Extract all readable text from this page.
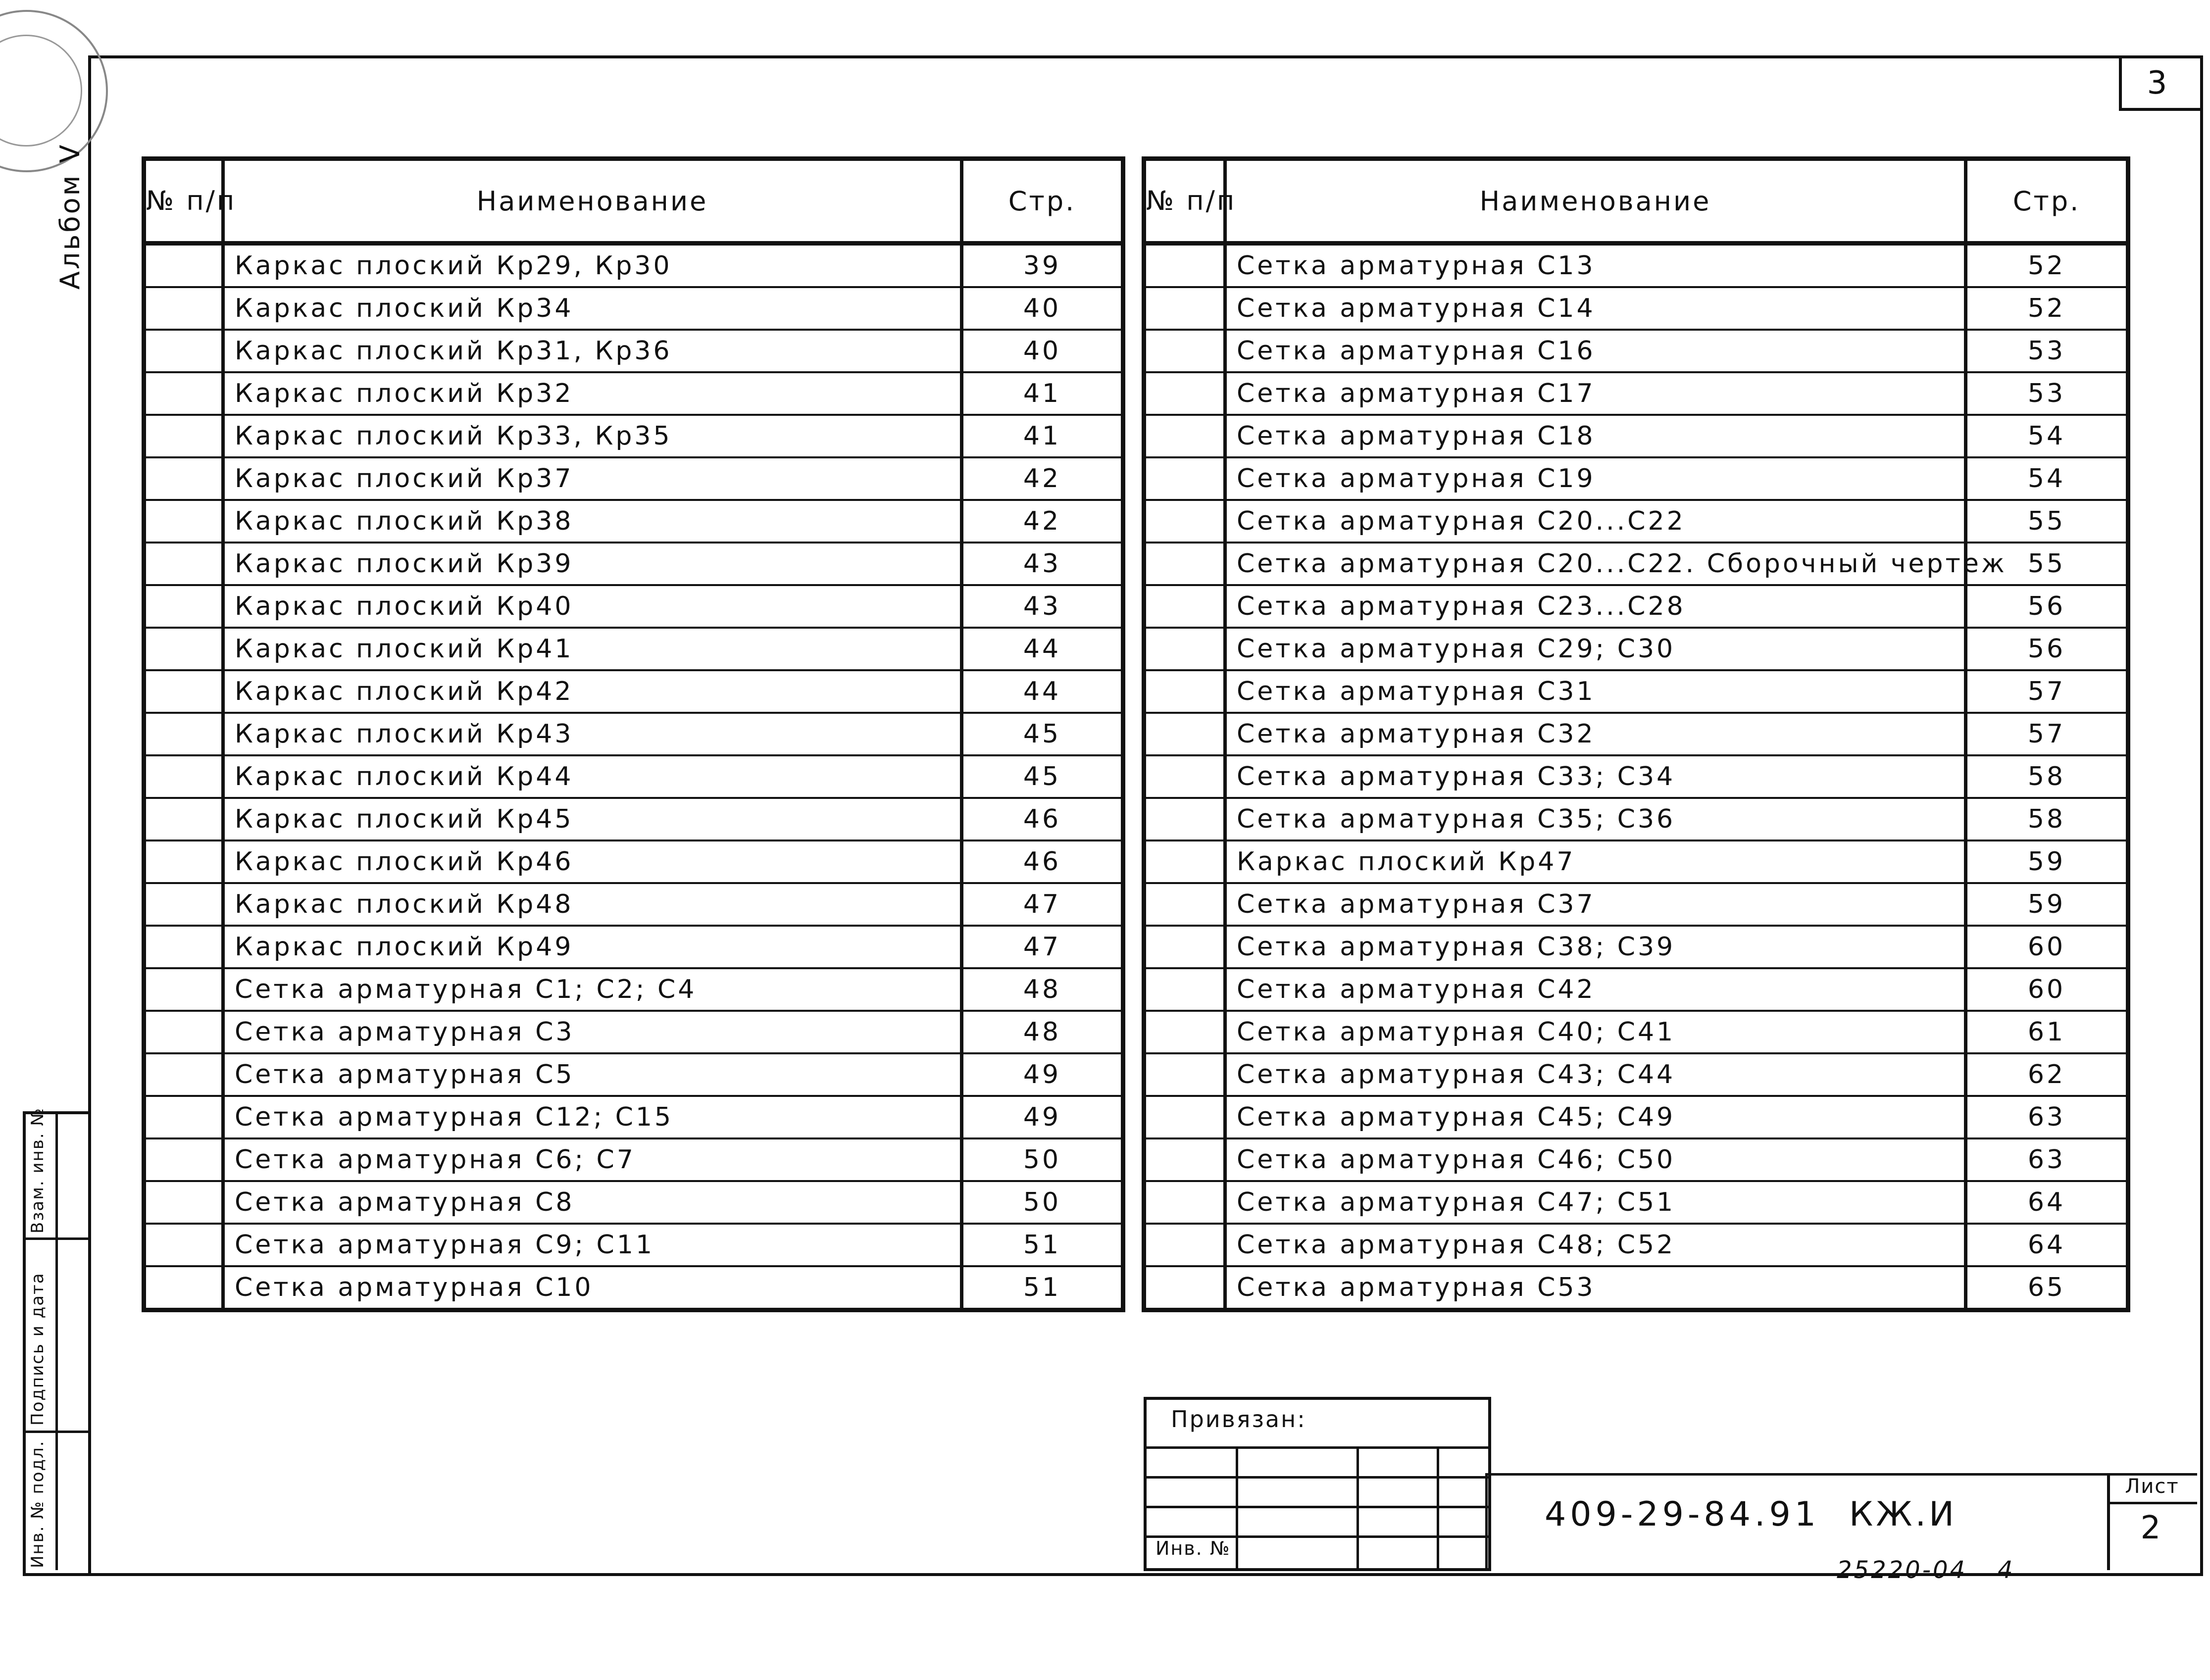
3
Альбом V
Инв. № подл.
Подпись и дата
Взам. инв. №
№ п/п	Наименование	Стр.
	Каркас плоский Кр29, Кр30	39
	Каркас плоский Кр34	40
	Каркас плоский Кр31, Кр36	40
	Каркас плоский Кр32	41
	Каркас плоский Кр33, Кр35	41
	Каркас плоский Кр37	42
	Каркас плоский Кр38	42
	Каркас плоский Кр39	43
	Каркас плоский Кр40	43
	Каркас плоский Кр41	44
	Каркас плоский Кр42	44
	Каркас плоский Кр43	45
	Каркас плоский Кр44	45
	Каркас плоский Кр45	46
	Каркас плоский Кр46	46
	Каркас плоский Кр48	47
	Каркас плоский Кр49	47
	Сетка арматурная С1; С2; С4	48
	Сетка арматурная С3	48
	Сетка арматурная С5	49
	Сетка арматурная С12; С15	49
	Сетка арматурная С6; С7	50
	Сетка арматурная С8	50
	Сетка арматурная С9; С11	51
	Сетка арматурная С10	51
№ п/п	Наименование	Стр.
	Сетка арматурная С13	52
	Сетка арматурная С14	52
	Сетка арматурная С16	53
	Сетка арматурная С17	53
	Сетка арматурная С18	54
	Сетка арматурная С19	54
	Сетка арматурная С20...С22	55
	Сетка арматурная С20...С22. Сборочный чертеж	55
	Сетка арматурная С23...С28	56
	Сетка арматурная С29; С30	56
	Сетка арматурная С31	57
	Сетка арматурная С32	57
	Сетка арматурная С33; С34	58
	Сетка арматурная С35; С36	58
	Каркас плоский Кр47	59
	Сетка арматурная С37	59
	Сетка арматурная С38; С39	60
	Сетка арматурная С42	60
	Сетка арматурная С40; С41	61
	Сетка арматурная С43; С44	62
	Сетка арматурная С45; С49	63
	Сетка арматурная С46; С50	63
	Сетка арматурная С47; С51	64
	Сетка арматурная С48; С52	64
	Сетка арматурная С53	65
Привязан:
Инв. №
409-29-84.91 КЖ.И
Лист
2
25220-04 4
